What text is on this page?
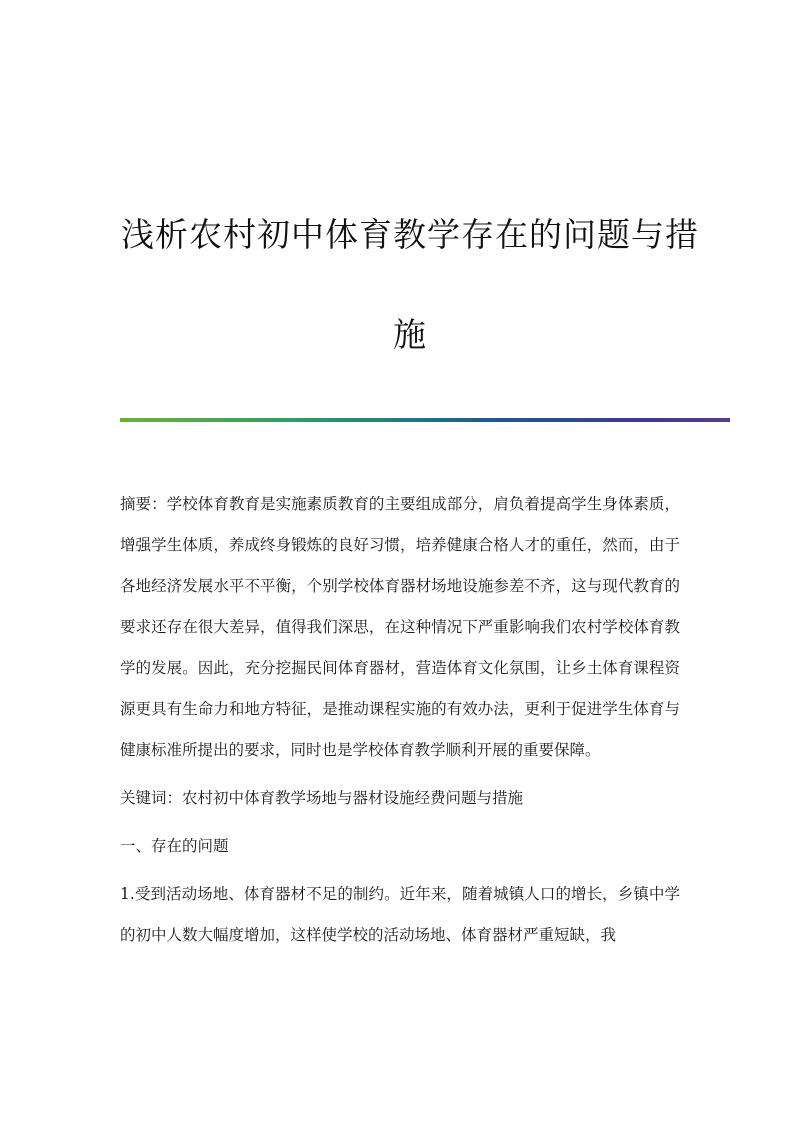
浅析农村初中体育教学存在的问题与措施

摘要：学校体育教育是实施素质教育的主要组成部分，肩负着提高学生身体素质，增强学生体质，养成终身锻炼的良好习惯，培养健康合格人才的重任，然而，由于各地经济发展水平不平衡，个别学校体育器材场地设施参差不齐，这与现代教育的要求还存在很大差异，值得我们深思，在这种情况下严重影响我们农村学校体育教学的发展。因此，充分挖掘民间体育器材，营造体育文化氛围，让乡土体育课程资源更具有生命力和地方特征，是推动课程实施的有效办法，更利于促进学生体育与健康标准所提出的要求，同时也是学校体育教学顺利开展的重要保障。

关键词：农村初中体育教学场地与器材设施经费问题与措施

一、存在的问题

1.受到活动场地、体育器材不足的制约。近年来，随着城镇人口的增长，乡镇中学的初中人数大幅度增加，这样使学校的活动场地、体育器材严重短缺，我
